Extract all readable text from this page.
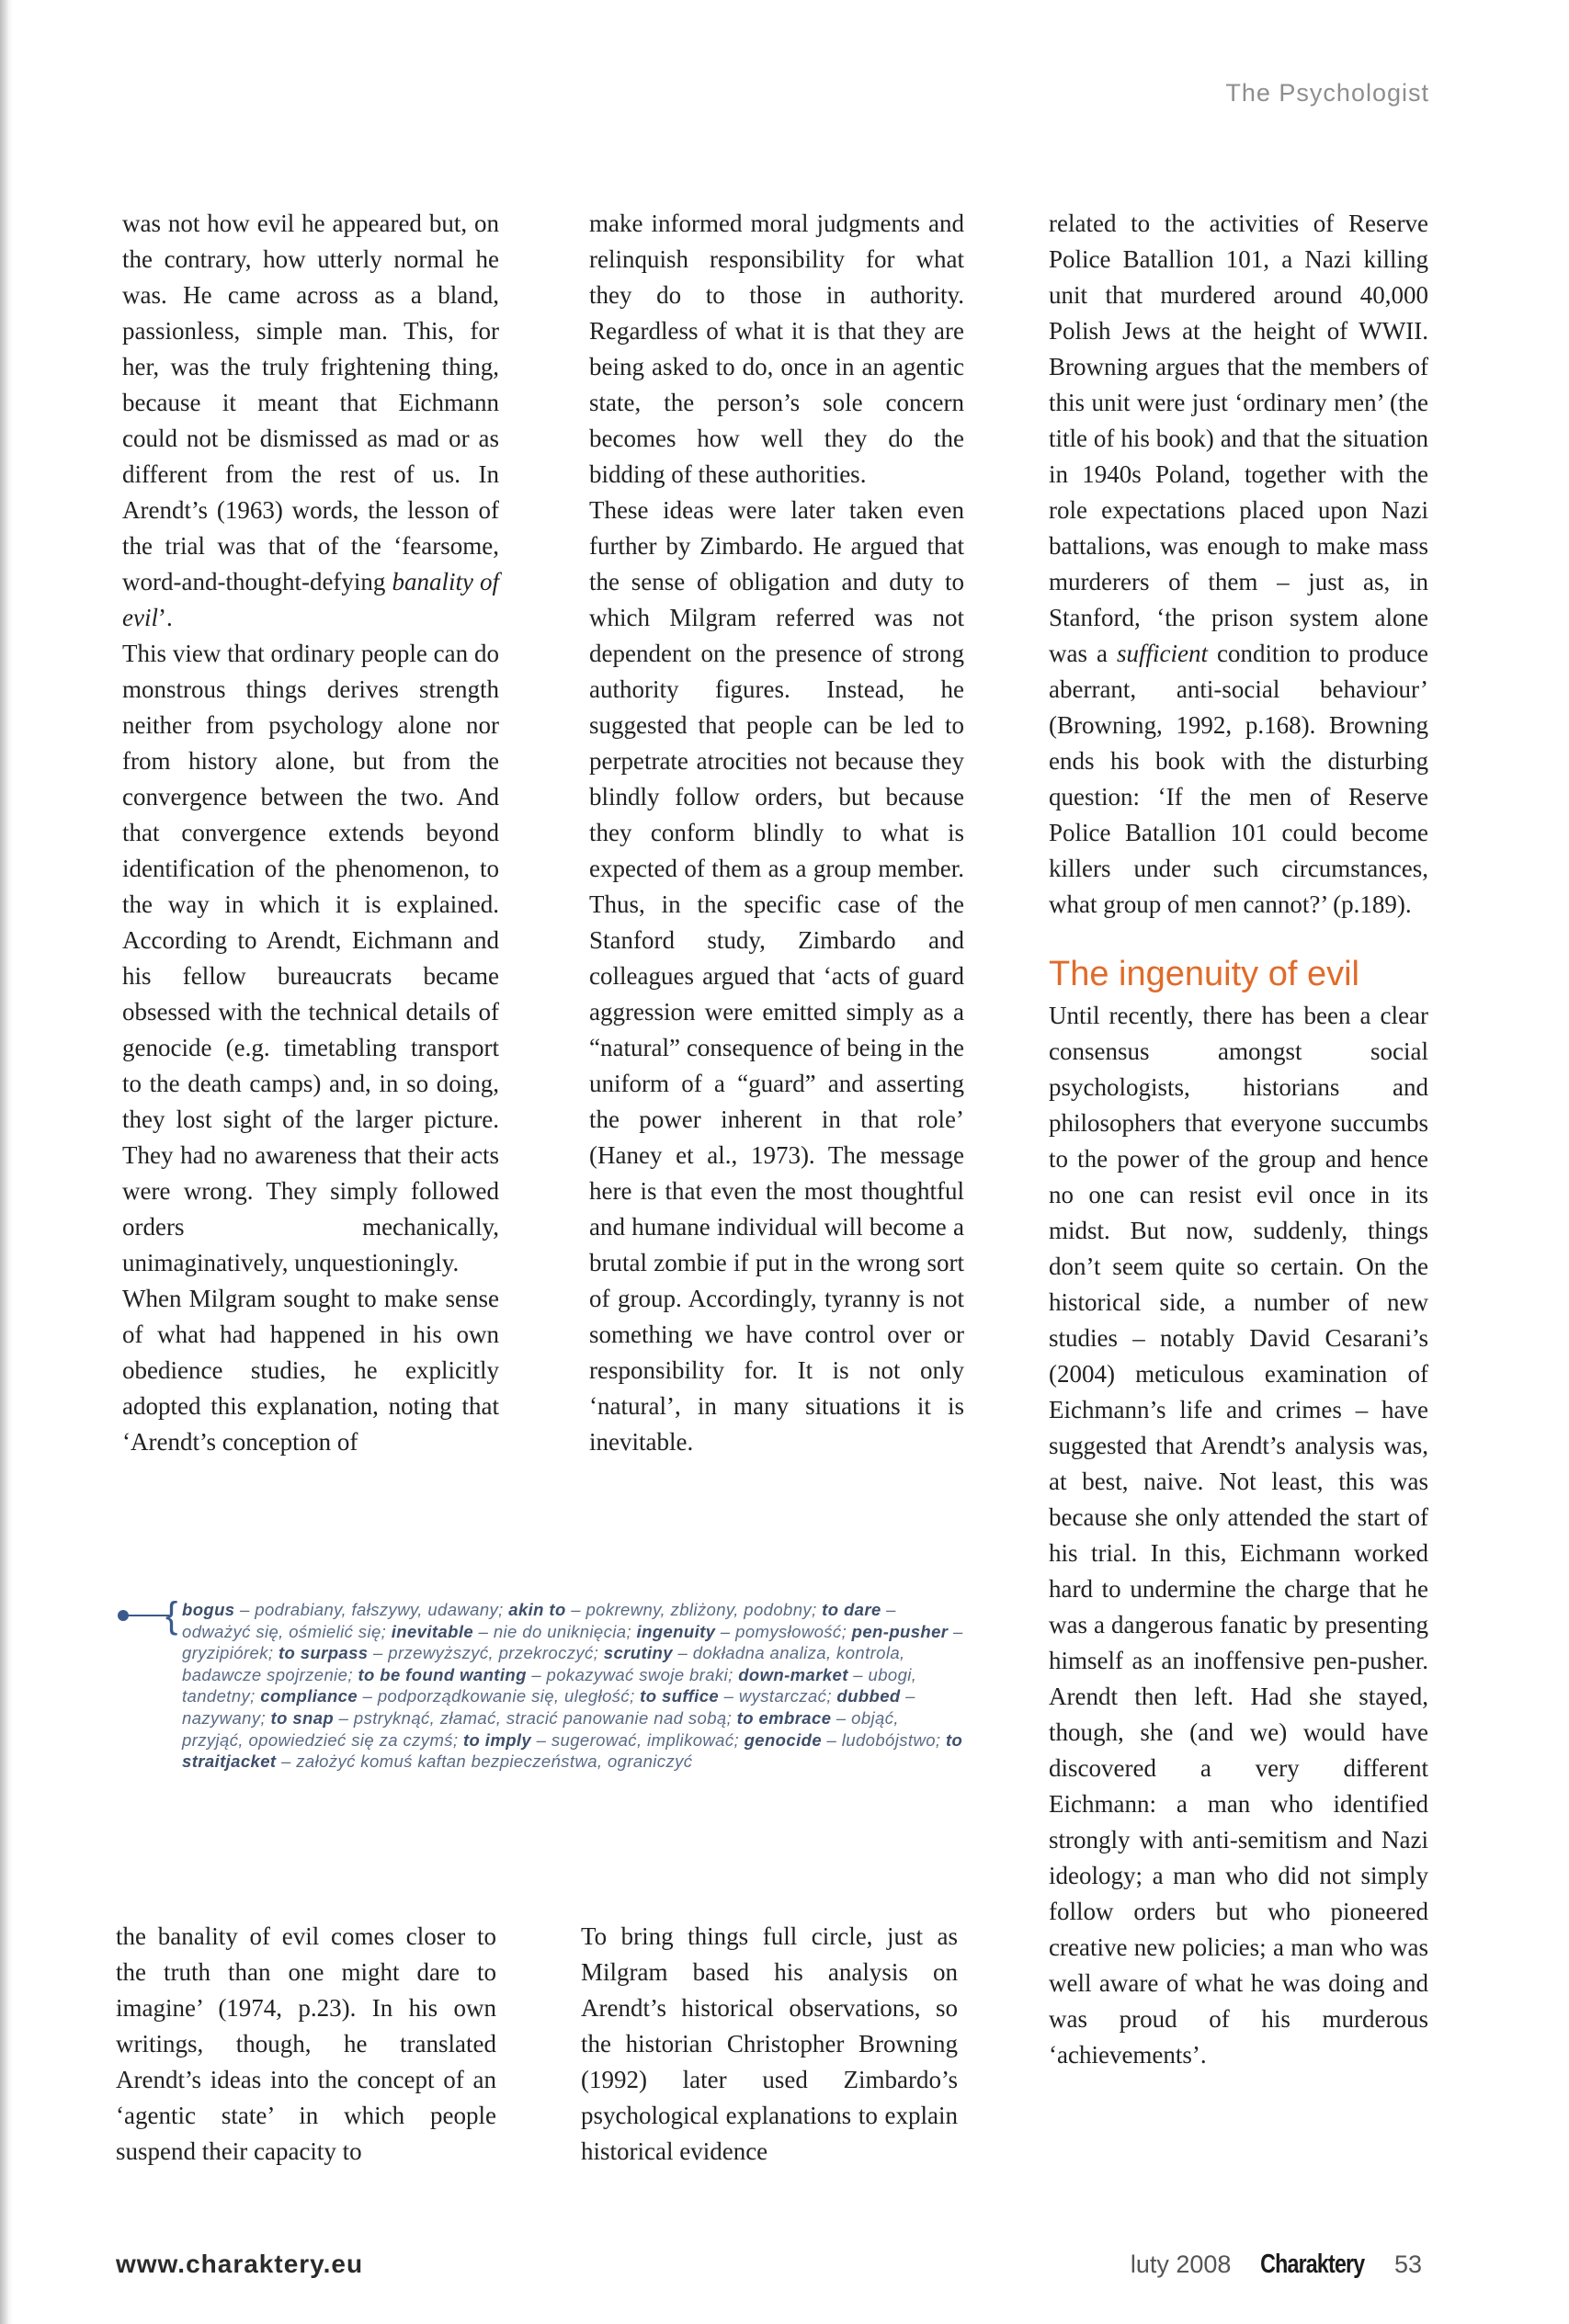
The Psychologist

was not how evil he appeared but, on the contrary, how utterly normal he was. He came across as a bland, passionless, simple man. This, for her, was the truly frightening thing, because it meant that Eichmann could not be dismissed as mad or as different from the rest of us. In Arendt’s (1963) words, the lesson of the trial was that of the ‘fearsome, word-and-thought-defying banality of evil’.

This view that ordinary people can do monstrous things derives strength neither from psychology alone nor from history alone, but from the convergence between the two. And that convergence extends beyond identification of the phenomenon, to the way in which it is explained. According to Arendt, Eichmann and his fellow bureaucrats became obsessed with the technical details of genocide (e.g. timetabling transport to the death camps) and, in so doing, they lost sight of the larger picture. They had no awareness that their acts were wrong. They simply followed orders mechanically, unimaginatively, unquestioningly.

When Milgram sought to make sense of what had happened in his own obedience studies, he explicitly adopted this explanation, noting that ‘Arendt’s conception of

make informed moral judgments and relinquish responsibility for what they do to those in authority. Regardless of what it is that they are being asked to do, once in an agentic state, the person’s sole concern becomes how well they do the bidding of these authorities.

These ideas were later taken even further by Zimbardo. He argued that the sense of obligation and duty to which Milgram referred was not dependent on the presence of strong authority figures. Instead, he suggested that people can be led to perpetrate atrocities not because they blindly follow orders, but because they conform blindly to what is expected of them as a group member. Thus, in the specific case of the Stanford study, Zimbardo and colleagues argued that ‘acts of guard aggression were emitted simply as a “natural” consequence of being in the uniform of a “guard” and asserting the power inherent in that role’ (Haney et al., 1973). The message here is that even the most thoughtful and humane individual will become a brutal zombie if put in the wrong sort of group. Accordingly, tyranny is not something we have control over or responsibility for. It is not only ‘natural’, in many situations it is inevitable.

{ bogus – podrabiany, fałszywy, udawany; akin to – pokrewny, zbliżony, podobny; to dare – odważyć się, ośmielić się; inevitable – nie do uniknięcia; ingenuity – pomysłowość; pen-pusher – gryzipiórek; to surpass – przewyższyć, przekroczyć; scrutiny – dokładna analiza, kontrola, badawcze spojrzenie; to be found wanting – pokazywać swoje braki; down-market – ubogi, tandetny; compliance – podporządkowanie się, uległość; to suffice – wystarczać; dubbed – nazywany; to snap – pstryknąć, złamać, stracić panowanie nad sobą; to embrace – objąć, przyjąć, opowiedzieć się za czymś; to imply – sugerować, implikować; genocide – ludobójstwo; to straitjacket – założyć komuś kaftan bezpieczeństwa, ograniczyć

the banality of evil comes closer to the truth than one might dare to imagine’ (1974, p.23). In his own writings, though, he translated Arendt’s ideas into the concept of an ‘agentic state’ in which people suspend their capacity to

To bring things full circle, just as Milgram based his analysis on Arendt’s historical observations, so the historian Christopher Browning (1992) later used Zimbardo’s psychological explanations to explain historical evidence

related to the activities of Reserve Police Batallion 101, a Nazi killing unit that murdered around 40,000 Polish Jews at the height of WWII. Browning argues that the members of this unit were just ‘ordinary men’ (the title of his book) and that the situation in 1940s Poland, together with the role expectations placed upon Nazi battalions, was enough to make mass murderers of them – just as, in Stanford, ‘the prison system alone was a sufficient condition to produce aberrant, anti-social behaviour’ (Browning, 1992, p.168). Browning ends his book with the disturbing question: ‘If the men of Reserve Police Batallion 101 could become killers under such circumstances, what group of men cannot?’ (p.189).

The ingenuity of evil

Until recently, there has been a clear consensus amongst social psychologists, historians and philosophers that everyone succumbs to the power of the group and hence no one can resist evil once in its midst. But now, suddenly, things don’t seem quite so certain. On the historical side, a number of new studies – notably David Cesarani’s (2004) meticulous examination of Eichmann’s life and crimes – have suggested that Arendt’s analysis was, at best, naive. Not least, this was because she only attended the start of his trial. In this, Eichmann worked hard to undermine the charge that he was a dangerous fanatic by presenting himself as an inoffensive pen-pusher. Arendt then left. Had she stayed, though, she (and we) would have discovered a very different Eichmann: a man who identified strongly with anti-semitism and Nazi ideology; a man who did not simply follow orders but who pioneered creative new policies; a man who was well aware of what he was doing and was proud of his murderous ‘achievements’.

www.charaktery.eu	luty 2008 Charaktery 53
